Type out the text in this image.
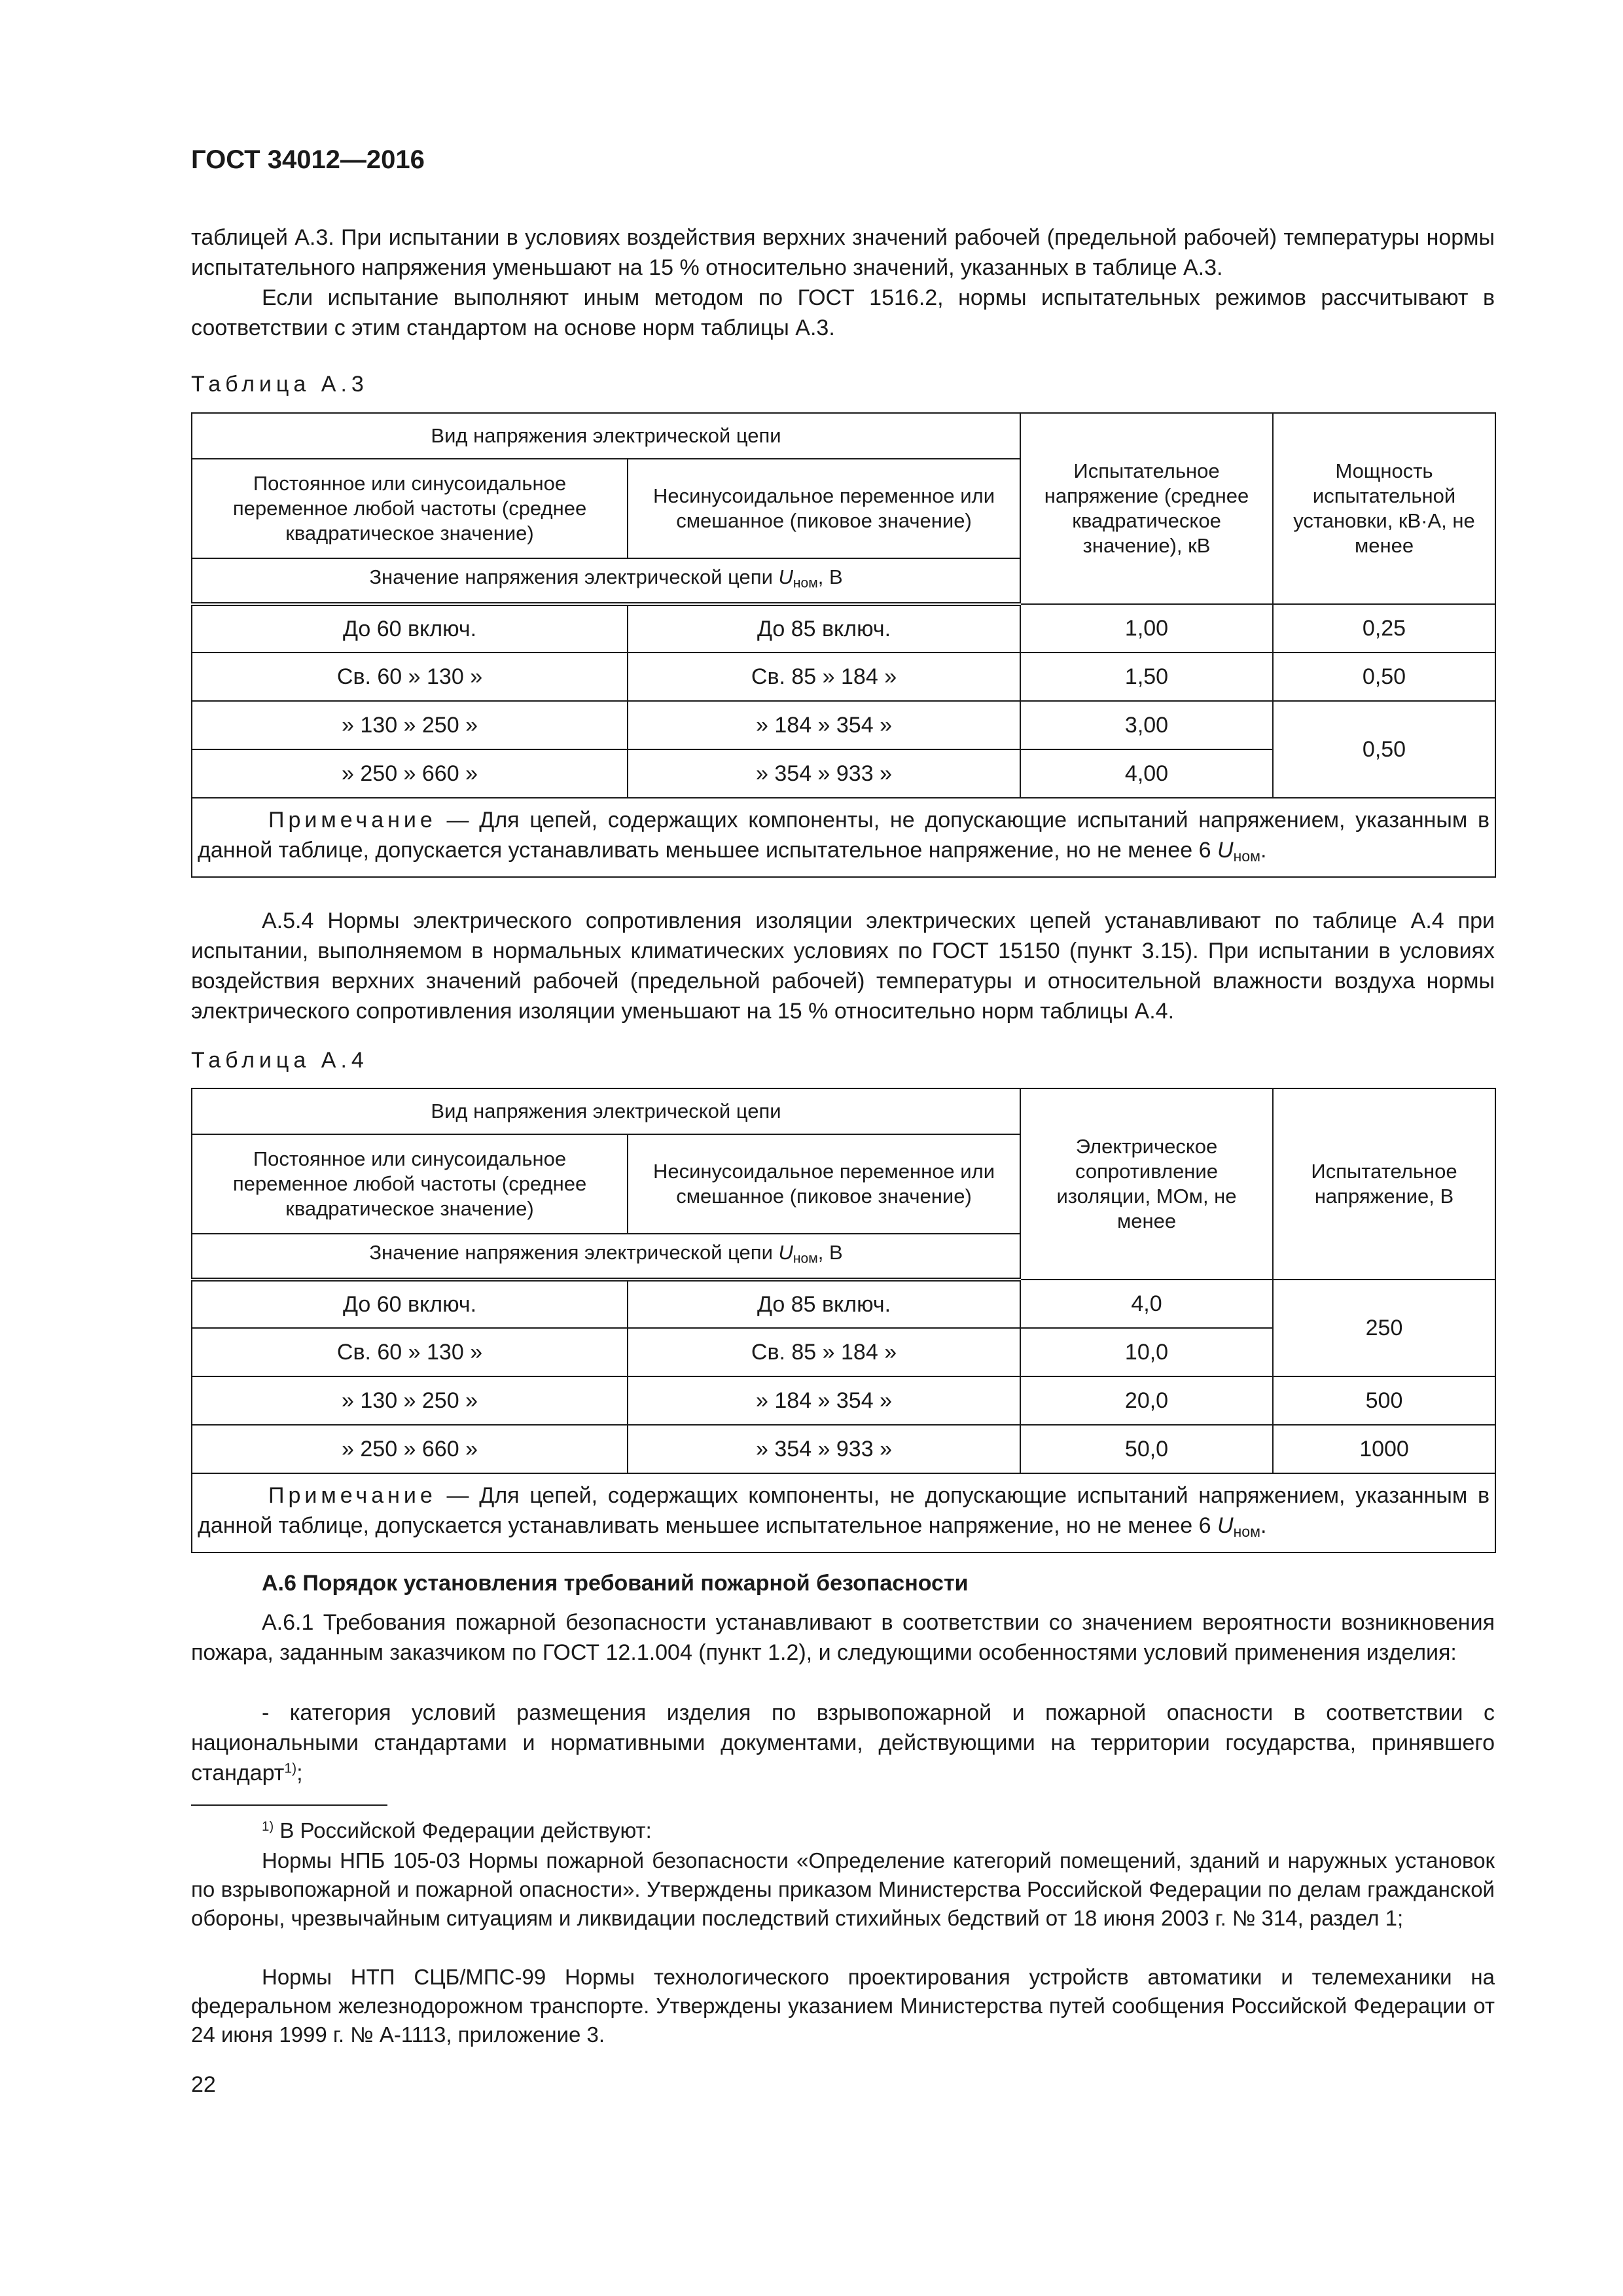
ГОСТ 34012—2016

таблицей А.3. При испытании в условиях воздействия верхних значений рабочей (предельной рабочей) температуры нормы испытательного напряжения уменьшают на 15 % относительно значений, указанных в таблице А.3.

Если испытание выполняют иным методом по ГОСТ 1516.2, нормы испытательных режимов рассчитывают в соответствии с этим стандартом на основе норм таблицы А.3.

Таблица А.3

Вид напряжения электрической цепи		Испытательное напряжение (среднее квадратическое значение), кВ	Мощность испытательной установки, кВ·А, не менее
Постоянное или синусоидальное переменное любой частоты (среднее квадратическое значение)	Несинусоидальное переменное или смешанное (пиковое значение)		
Значение напряжения электрической цепи $U_{ном}$, В			
До 60 включ.	До 85 включ.	1,00	0,25
Св. 60 » 130 »	Св. 85 » 184 »	1,50	0,50
» 130 » 250 »	» 184 » 354 »	3,00	0,50
» 250 » 660 »	» 354 » 933 »	4,00	
Примечание — Для цепей, содержащих компоненты, не допускающие испытаний напряжением, указанным в данной таблице, допускается устанавливать меньшее испытательное напряжение, но не менее 6 $U_{ном}$.			

А.5.4 Нормы электрического сопротивления изоляции электрических цепей устанавливают по таблице А.4 при испытании, выполняемом в нормальных климатических условиях по ГОСТ 15150 (пункт 3.15). При испытании в условиях воздействия верхних значений рабочей (предельной рабочей) температуры и относительной влажности воздуха нормы электрического сопротивления изоляции уменьшают на 15 % относительно норм таблицы А.4.

Таблица А.4

Вид напряжения электрической цепи		Электрическое сопротивление изоляции, МОм, не менее	Испытательное напряжение, В
Постоянное или синусоидальное переменное любой частоты (среднее квадратическое значение)	Несинусоидальное переменное или смешанное (пиковое значение)		
Значение напряжения электрической цепи $U_{ном}$, В			
До 60 включ.	До 85 включ.	4,0	250
Св. 60 » 130 »	Св. 85 » 184 »	10,0	
» 130 » 250 »	» 184 » 354 »	20,0	500
» 250 » 660 »	» 354 » 933 »	50,0	1000
Примечание — Для цепей, содержащих компоненты, не допускающие испытаний напряжением, указанным в данной таблице, допускается устанавливать меньшее испытательное напряжение, но не менее 6 $U_{ном}$.			
А.6 Порядок установления требований пожарной безопасности

А.6.1 Требования пожарной безопасности устанавливают в соответствии со значением вероятности возникновения пожара, заданным заказчиком по ГОСТ 12.1.004 (пункт 1.2), и следующими особенностями условий применения изделия:

- категория условий размещения изделия по взрывопожарной и пожарной опасности в соответствии с национальными стандартами и нормативными документами, действующими на территории государства, принявшего стандарт$^{1)}$;

$^{1)}$ В Российской Федерации действуют:

Нормы НПБ 105-03 Нормы пожарной безопасности «Определение категорий помещений, зданий и наружных установок по взрывопожарной и пожарной опасности». Утверждены приказом Министерства Российской Федерации по делам гражданской обороны, чрезвычайным ситуациям и ликвидации последствий стихийных бедствий от 18 июня 2003 г. № 314, раздел 1;

Нормы НТП СЦБ/МПС-99 Нормы технологического проектирования устройств автоматики и телемеханики на федеральном железнодорожном транспорте. Утверждены указанием Министерства путей сообщения Российской Федерации от 24 июня 1999 г. № А-1113, приложение 3.

22
